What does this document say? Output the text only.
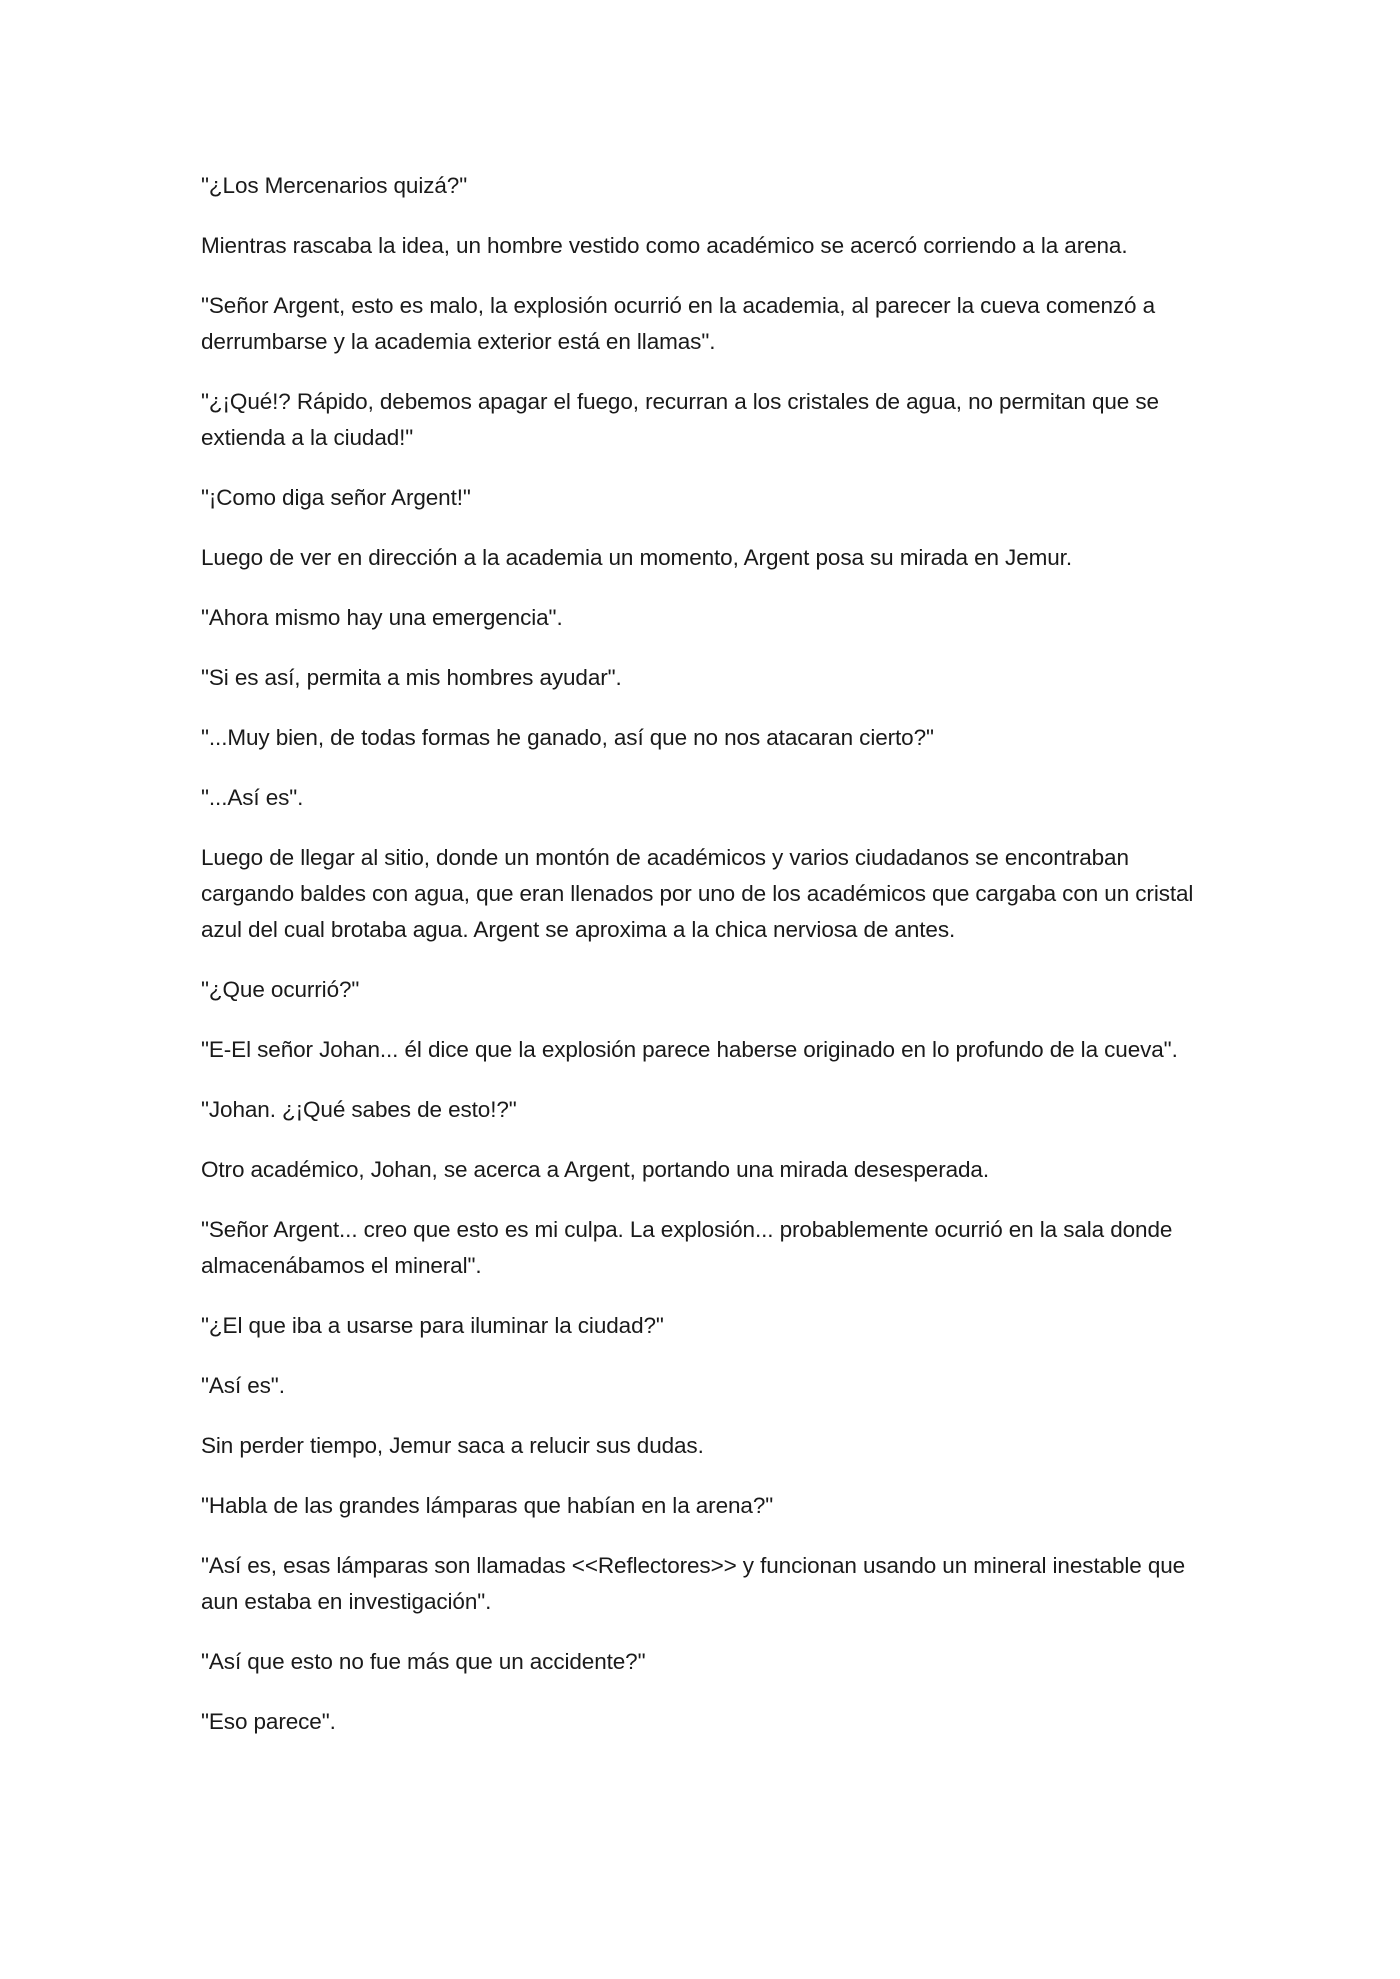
"¿Los Mercenarios quizá?"

Mientras rascaba la idea, un hombre vestido como académico se acercó corriendo a la arena.

"Señor Argent, esto es malo, la explosión ocurrió en la academia, al parecer la cueva comenzó a derrumbarse y la academia exterior está en llamas".

"¿¡Qué!? Rápido, debemos apagar el fuego, recurran a los cristales de agua, no permitan que se extienda a la ciudad!"

"¡Como diga señor Argent!"

Luego de ver en dirección a la academia un momento, Argent posa su mirada en Jemur.

"Ahora mismo hay una emergencia".

"Si es así, permita a mis hombres ayudar".

"...Muy bien, de todas formas he ganado, así que no nos atacaran cierto?"

"...Así es".

Luego de llegar al sitio, donde un montón de académicos y varios ciudadanos se encontraban cargando baldes con agua, que eran llenados por uno de los académicos que cargaba con un cristal azul del cual brotaba agua. Argent se aproxima a la chica nerviosa de antes.

"¿Que ocurrió?"

"E-El señor Johan... él dice que la explosión parece haberse originado en lo profundo de la cueva".

"Johan. ¿¡Qué sabes de esto!?"

Otro académico, Johan, se acerca a Argent, portando una mirada desesperada.

"Señor Argent... creo que esto es mi culpa. La explosión... probablemente ocurrió en la sala donde almacenábamos el mineral".

"¿El que iba a usarse para iluminar la ciudad?"

"Así es".

Sin perder tiempo, Jemur saca a relucir sus dudas.

"Habla de las grandes lámparas que habían en la arena?"

"Así es, esas lámparas son llamadas <<Reflectores>> y funcionan usando un mineral inestable que aun estaba en investigación".

"Así que esto no fue más que un accidente?"

"Eso parece".
